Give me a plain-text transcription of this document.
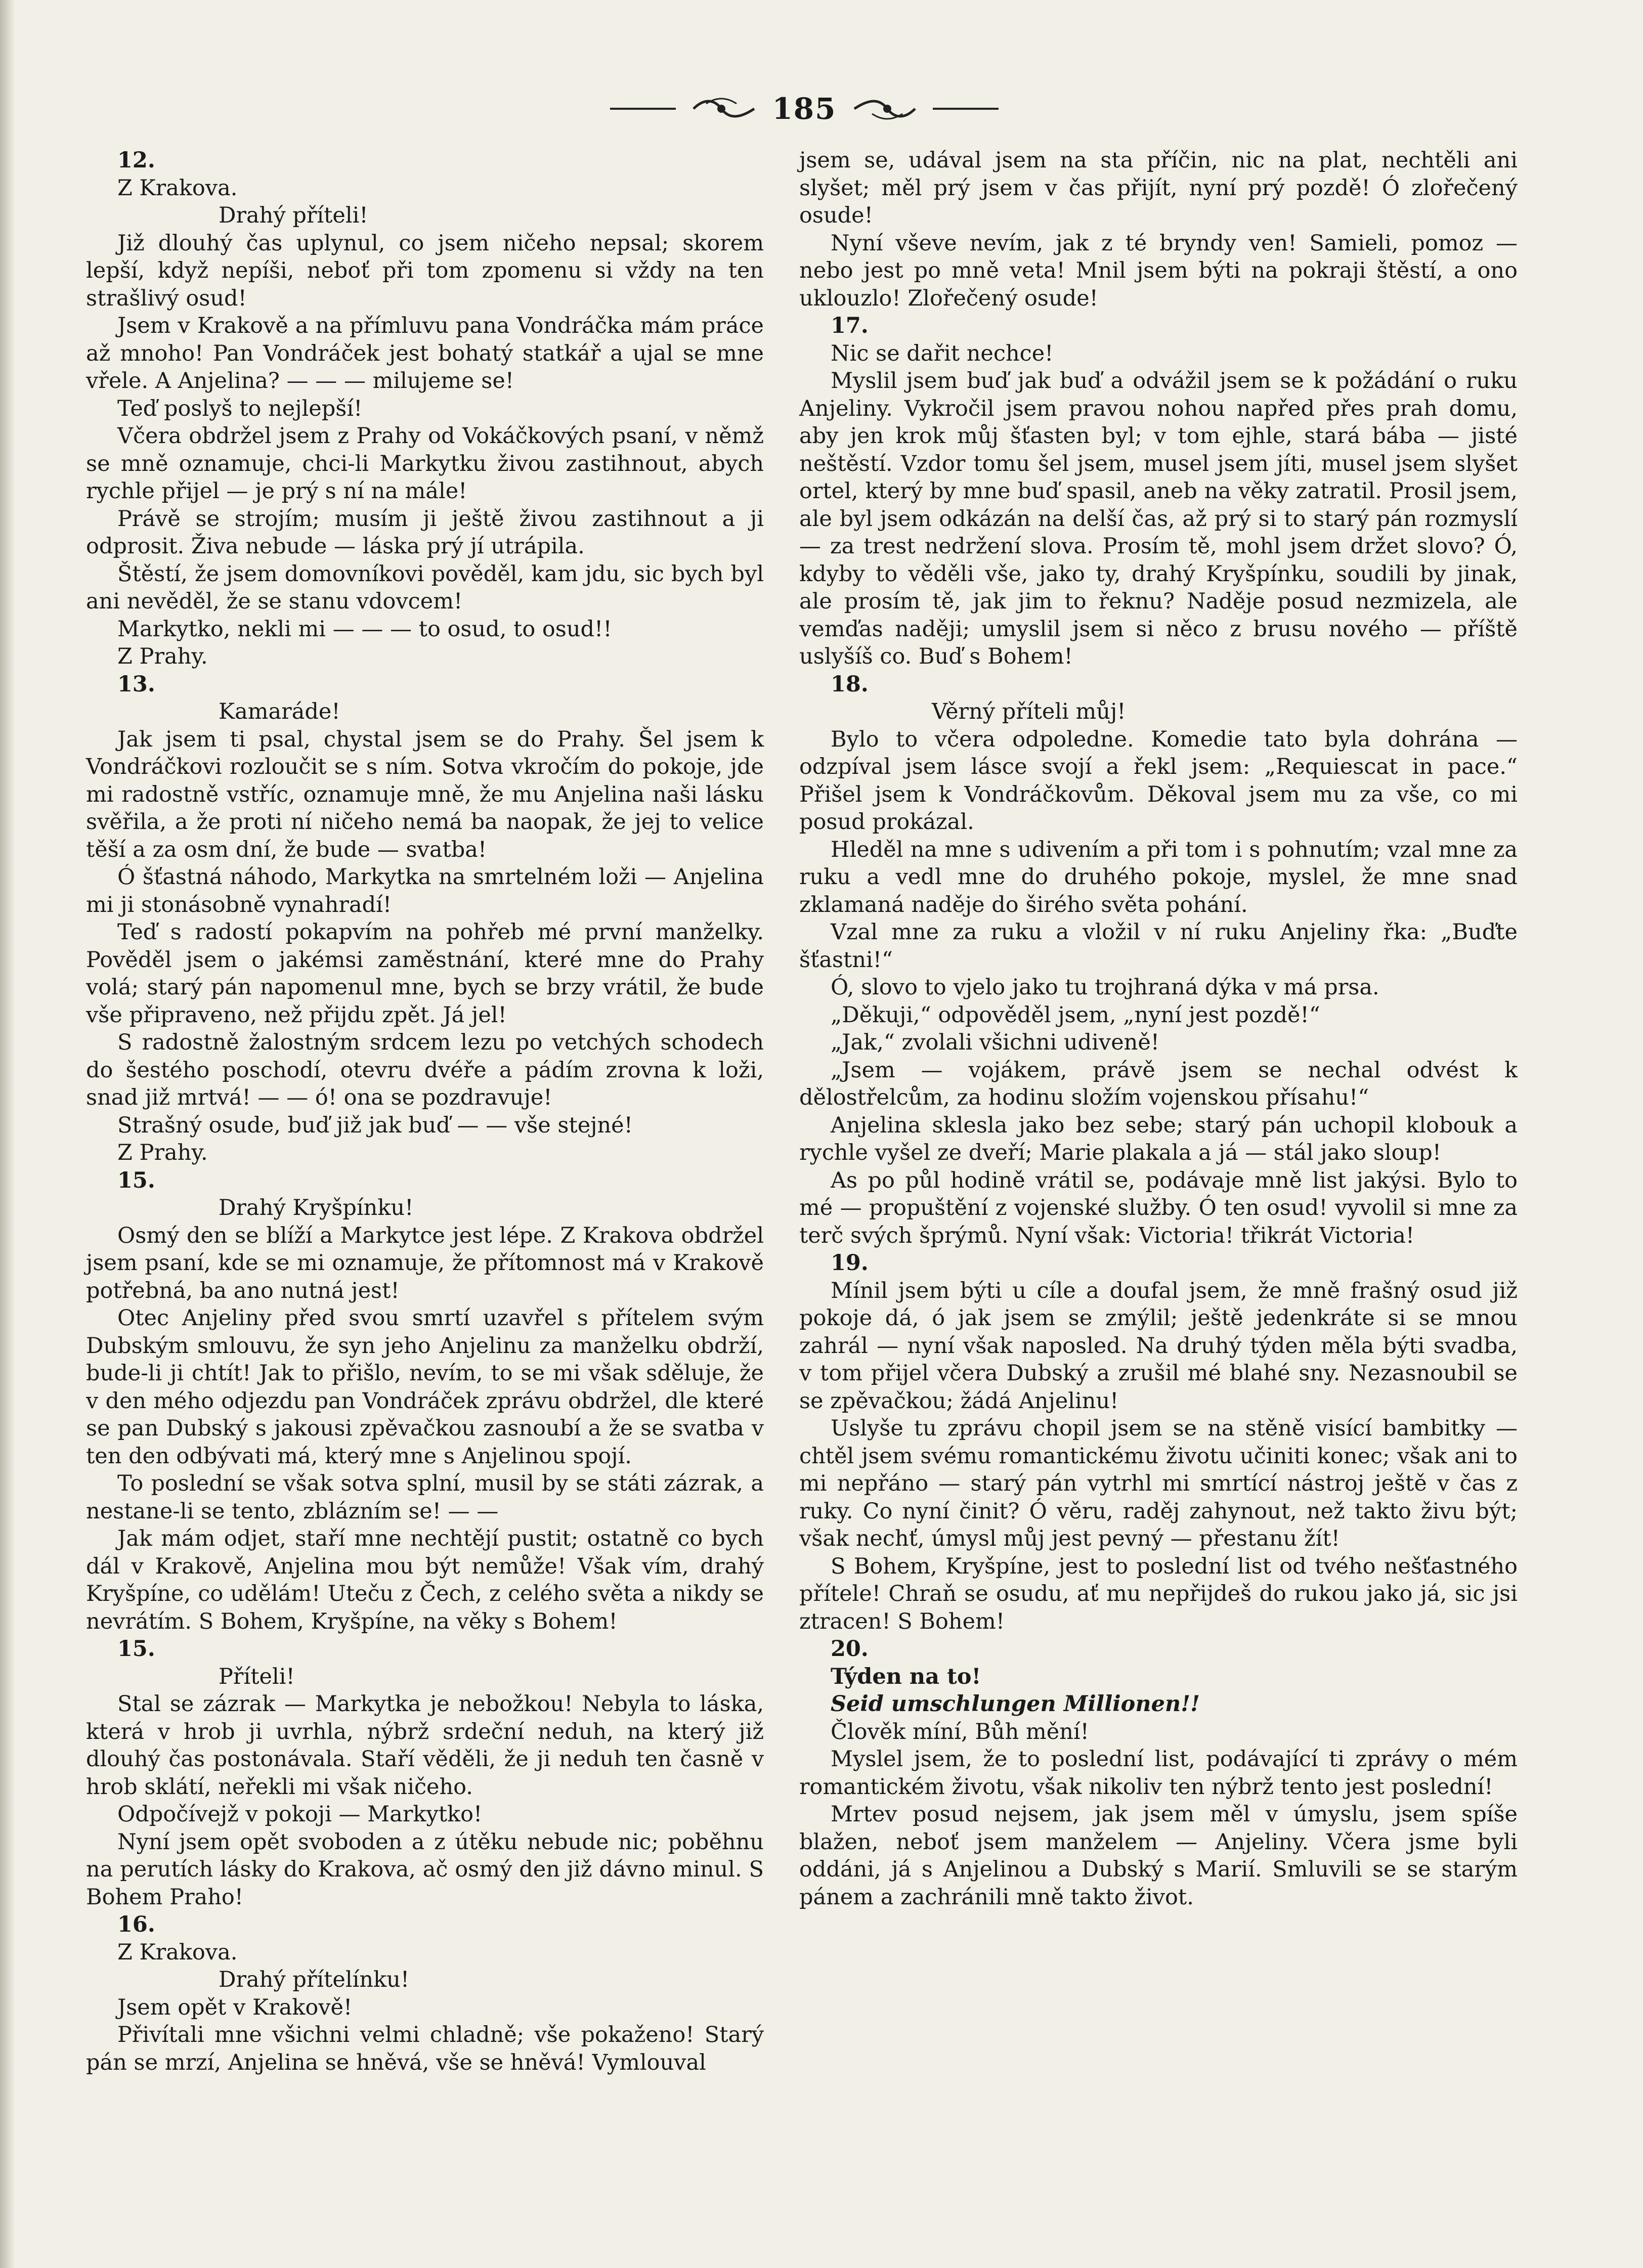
185

12.

Z Krakova.

Drahý příteli!

Již dlouhý čas uplynul, co jsem ničeho nepsal; skorem lepší, když nepíši, neboť při tom zpomenu si vždy na ten strašlivý osud!

Jsem v Krakově a na přímluvu pana Vondráčka mám práce až mnoho! Pan Vondráček jest bohatý statkář a ujal se mne vřele. A Anjelina? — — — milujeme se!

Teď poslyš to nejlepší!

Včera obdržel jsem z Prahy od Vokáčkových psaní, v němž se mně oznamuje, chci-li Markytku živou zastihnout, abych rychle přijel — je prý s ní na mále!

Právě se strojím; musím ji ještě živou zastihnout a ji odprosit. Živa nebude — láska prý jí utrápila.

Štěstí, že jsem domovníkovi pověděl, kam jdu, sic bych byl ani nevěděl, že se stanu vdovcem!

Markytko, nekli mi — — — to osud, to osud!!

Z Prahy.

13.

Kamaráde!

Jak jsem ti psal, chystal jsem se do Prahy. Šel jsem k Vondráčkovi rozloučit se s ním. Sotva vkročím do pokoje, jde mi radostně vstříc, oznamuje mně, že mu Anjelina naši lásku svěřila, a že proti ní ničeho nemá ba naopak, že jej to velice těší a za osm dní, že bude — svatba!

Ó šťastná náhodo, Markytka na smrtelném loži — Anjelina mi ji stonásobně vynahradí!

Teď s radostí pokapvím na pohřeb mé první manželky. Pověděl jsem o jakémsi zaměstnání, které mne do Prahy volá; starý pán napomenul mne, bych se brzy vrátil, že bude vše připraveno, než přijdu zpět. Já jel!

S radostně žalostným srdcem lezu po vetchých schodech do šestého poschodí, otevru dvéře a pádím zrovna k loži, snad již mrtvá! — — ó! ona se pozdravuje!

Strašný osude, buď již jak buď — — vše stejné!

Z Prahy.

15.

Drahý Kryšpínku!

Osmý den se blíží a Markytce jest lépe. Z Krakova obdržel jsem psaní, kde se mi oznamuje, že přítomnost má v Krakově potřebná, ba ano nutná jest!

Otec Anjeliny před svou smrtí uzavřel s přítelem svým Dubským smlouvu, že syn jeho Anjelinu za manželku obdrží, bude-li ji chtít! Jak to přišlo, nevím, to se mi však sděluje, že v den mého odjezdu pan Vondráček zprávu obdržel, dle které se pan Dubský s jakousi zpěvačkou zasnoubí a že se svatba v ten den odbývati má, který mne s Anjelinou spojí.

To poslední se však sotva splní, musil by se státi zázrak, a nestane-li se tento, zblázním se! — —

Jak mám odjet, staří mne nechtějí pustit; ostatně co bych dál v Krakově, Anjelina mou být nemůže! Však vím, drahý Kryšpíne, co udělám! Uteču z Čech, z celého světa a nikdy se nevrátím. S Bohem, Kryšpíne, na věky s Bohem!

15.

Příteli!

Stal se zázrak — Markytka je nebožkou! Nebyla to láska, která v hrob ji uvrhla, nýbrž srdeční neduh, na který již dlouhý čas postonávala. Staří věděli, že ji neduh ten časně v hrob sklátí, neřekli mi však ničeho.

Odpočívejž v pokoji — Markytko!

Nyní jsem opět svoboden a z útěku nebude nic; poběhnu na perutích lásky do Krakova, ač osmý den již dávno minul. S Bohem Praho!

16.

Z Krakova.

Drahý přítelínku!

Jsem opět v Krakově!

Přivítali mne všichni velmi chladně; vše pokaženo! Starý pán se mrzí, Anjelina se hněvá, vše se hněvá! Vymlouval

jsem se, udával jsem na sta příčin, nic na plat, nechtěli ani slyšet; měl prý jsem v čas přijít, nyní prý pozdě! Ó zlořečený osude!

Nyní vševe nevím, jak z té bryndy ven! Samieli, pomoz — nebo jest po mně veta! Mnil jsem býti na pokraji štěstí, a ono uklouzlo! Zlořečený osude!

17.

Nic se dařit nechce!

Myslil jsem buď jak buď a odvážil jsem se k požádání o ruku Anjeliny. Vykročil jsem pravou nohou napřed přes prah domu, aby jen krok můj šťasten byl; v tom ejhle, stará bába — jisté neštěstí. Vzdor tomu šel jsem, musel jsem jíti, musel jsem slyšet ortel, který by mne buď spasil, aneb na věky zatratil. Prosil jsem, ale byl jsem odkázán na delší čas, až prý si to starý pán rozmyslí — za trest nedržení slova. Prosím tě, mohl jsem držet slovo? Ó, kdyby to věděli vše, jako ty, drahý Kryšpínku, soudili by jinak, ale prosím tě, jak jim to řeknu? Naděje posud nezmizela, ale vemďas naději; umyslil jsem si něco z brusu nového — příště uslyšíš co. Buď s Bohem!

18.

Věrný příteli můj!

Bylo to včera odpoledne. Komedie tato byla dohrána — odzpíval jsem lásce svojí a řekl jsem: „Requiescat in pace.“ Přišel jsem k Vondráčkovům. Děkoval jsem mu za vše, co mi posud prokázal.

Hleděl na mne s udivením a při tom i s pohnutím; vzal mne za ruku a vedl mne do druhého pokoje, myslel, že mne snad zklamaná naděje do širého světa pohání.

Vzal mne za ruku a vložil v ní ruku Anjeliny řka: „Buďte šťastni!“

Ó, slovo to vjelo jako tu trojhraná dýka v má prsa.

„Děkuji,“ odpověděl jsem, „nyní jest pozdě!“

„Jak,“ zvolali všichni udiveně!

„Jsem — vojákem, právě jsem se nechal odvést k dělostřelcům, za hodinu složím vojenskou přísahu!“

Anjelina sklesla jako bez sebe; starý pán uchopil klobouk a rychle vyšel ze dveří; Marie plakala a já — stál jako sloup!

As po půl hodině vrátil se, podávaje mně list jakýsi. Bylo to mé — propuštění z vojenské služby. Ó ten osud! vyvolil si mne za terč svých šprýmů. Nyní však: Victoria! třikrát Victoria!

19.

Mínil jsem býti u cíle a doufal jsem, že mně frašný osud již pokoje dá, ó jak jsem se zmýlil; ještě jedenkráte si se mnou zahrál — nyní však naposled. Na druhý týden měla býti svadba, v tom přijel včera Dubský a zrušil mé blahé sny. Nezasnoubil se se zpěvačkou; žádá Anjelinu!

Uslyše tu zprávu chopil jsem se na stěně visící bambitky — chtěl jsem svému romantickému životu učiniti konec; však ani to mi nepřáno — starý pán vytrhl mi smrtící nástroj ještě v čas z ruky. Co nyní činit? Ó věru, raděj zahynout, než takto živu být; však nechť, úmysl můj jest pevný — přestanu žít!

S Bohem, Kryšpíne, jest to poslední list od tvého nešťastného přítele! Chraň se osudu, ať mu nepřijdeš do rukou jako já, sic jsi ztracen! S Bohem!

20.

Týden na to!

Seid umschlungen Millionen!!

Člověk míní, Bůh mění!

Myslel jsem, že to poslední list, podávající ti zprávy o mém romantickém životu, však nikoliv ten nýbrž tento jest poslední!

Mrtev posud nejsem, jak jsem měl v úmyslu, jsem spíše blažen, neboť jsem manželem — Anjeliny. Včera jsme byli oddáni, já s Anjelinou a Dubský s Marií. Smluvili se se starým pánem a zachránili mně takto život.
